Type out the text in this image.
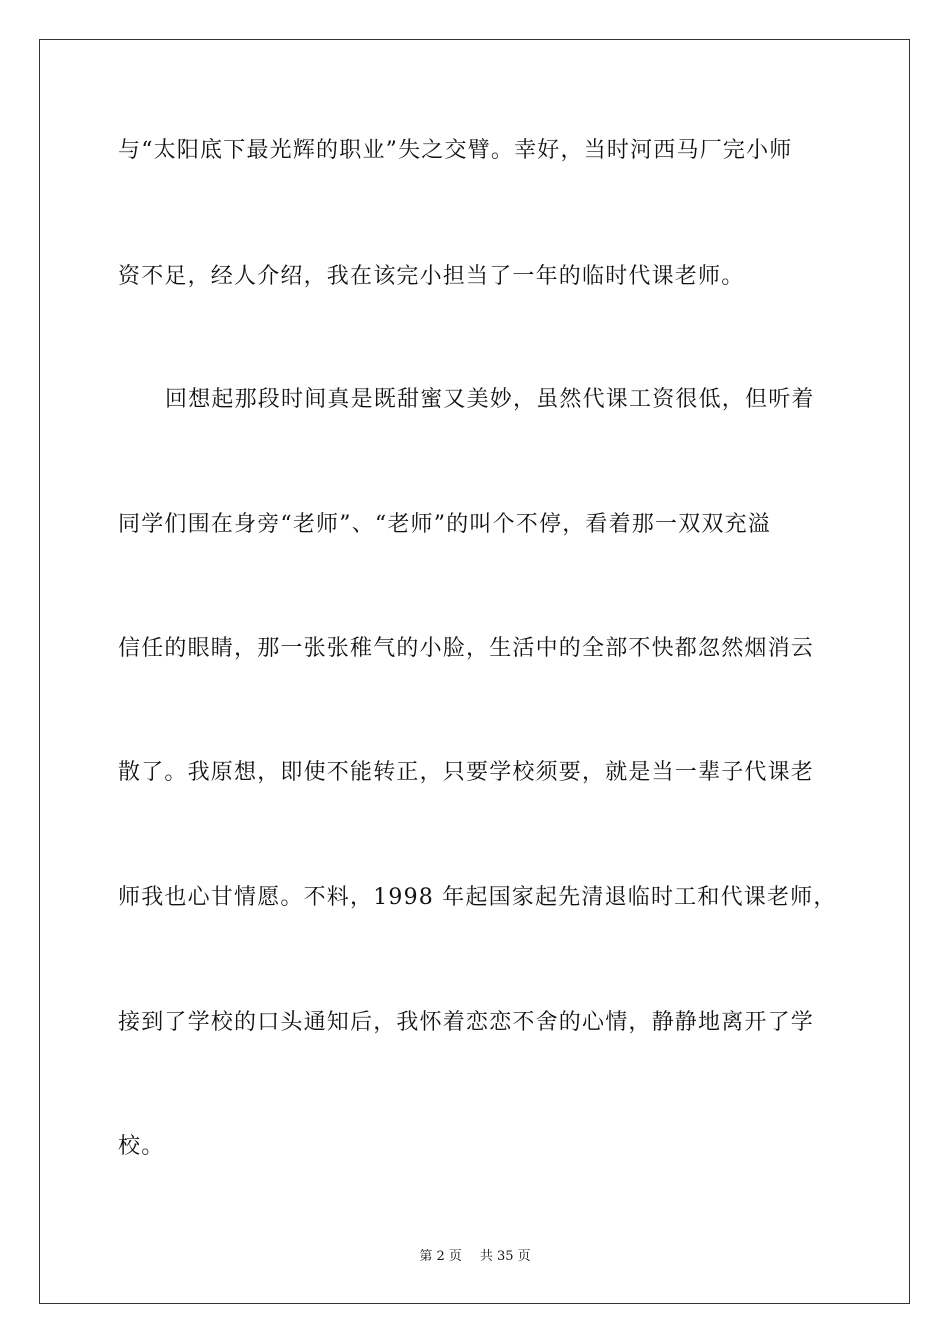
与“太阳底下最光辉的职业”失之交臂。幸好，当时河西马厂完小师
资不足，经人介绍，我在该完小担当了一年的临时代课老师。
回想起那段时间真是既甜蜜又美妙，虽然代课工资很低，但听着
同学们围在身旁“老师”、“老师”的叫个不停，看着那一双双充溢
信任的眼睛，那一张张稚气的小脸，生活中的全部不快都忽然烟消云
散了。我原想，即使不能转正，只要学校须要，就是当一辈子代课老
师我也心甘情愿。不料，1998 年起国家起先清退临时工和代课老师，
接到了学校的口头通知后，我怀着恋恋不舍的心情，静静地离开了学
校。
第 2 页 共 35 页
